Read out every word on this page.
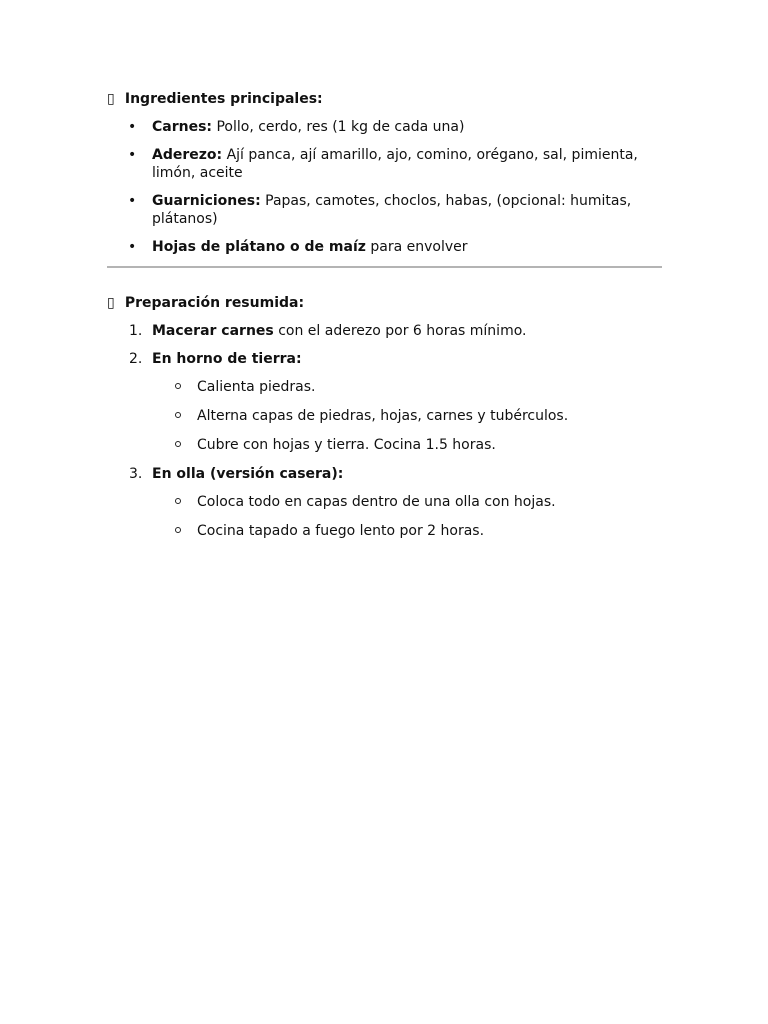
▯ Ingredientes principales:
• Carnes: Pollo, cerdo, res (1 kg de cada una)
• Aderezo: Ají panca, ají amarillo, ajo, comino, orégano, sal, pimienta, limón, aceite
• Guarniciones: Papas, camotes, choclos, habas, (opcional: humitas, plátanos)
• Hojas de plátano o de maíz para envolver
▯ Preparación resumida:
1. Macerar carnes con el aderezo por 6 horas mínimo.
2. En horno de tierra:
Calienta piedras.
Alterna capas de piedras, hojas, carnes y tubérculos.
Cubre con hojas y tierra. Cocina 1.5 horas.
3. En olla (versión casera):
Coloca todo en capas dentro de una olla con hojas.
Cocina tapado a fuego lento por 2 horas.
